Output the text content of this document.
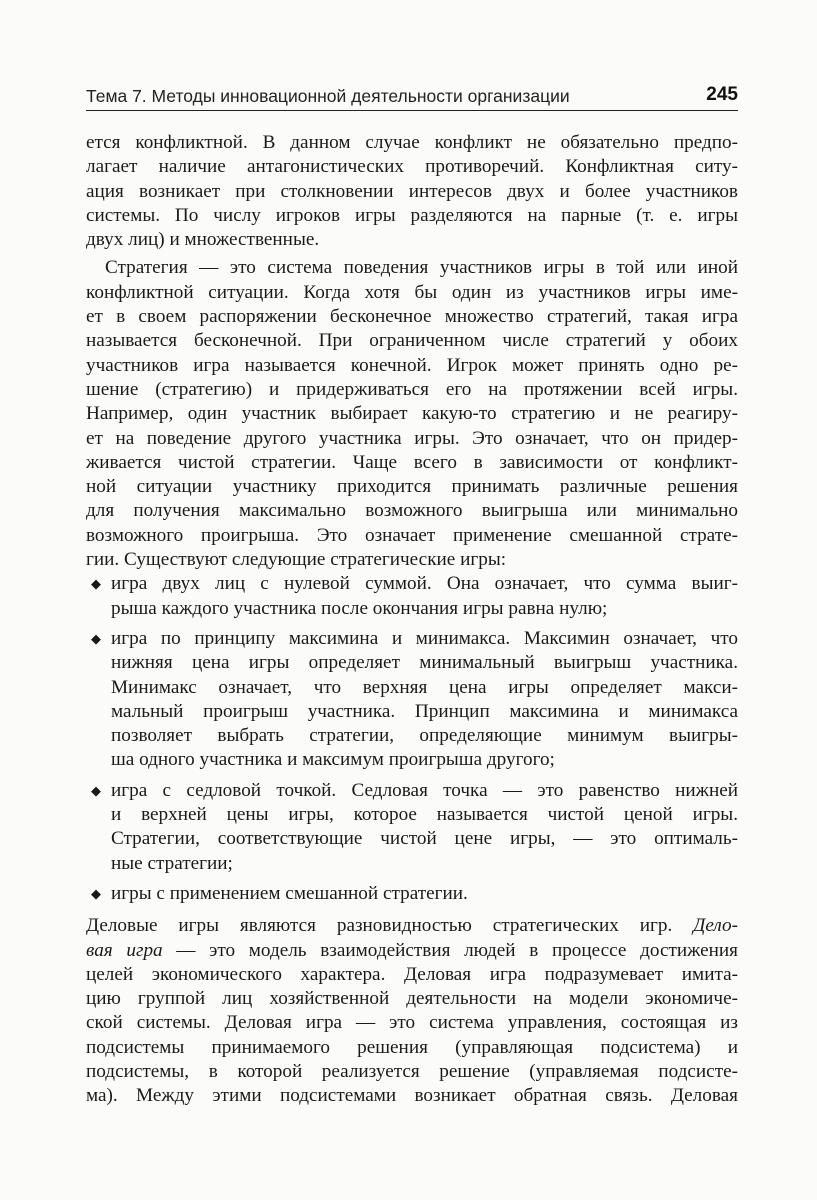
Тема 7. Методы инновационной деятельности организации	245
ется конфликтной. В данном случае конфликт не обязательно предпо-
лагает наличие антагонистических противоречий. Конфликтная ситу-
ация возникает при столкновении интересов двух и более участников
системы. По числу игроков игры разделяются на парные (т. е. игры
двух лиц) и множественные.
Стратегия — это система поведения участников игры в той или иной
конфликтной ситуации. Когда хотя бы один из участников игры име-
ет в своем распоряжении бесконечное множество стратегий, такая игра
называется бесконечной. При ограниченном числе стратегий у обоих
участников игра называется конечной. Игрок может принять одно ре-
шение (стратегию) и придерживаться его на протяжении всей игры.
Например, один участник выбирает какую-то стратегию и не реагиру-
ет на поведение другого участника игры. Это означает, что он придер-
живается чистой стратегии. Чаще всего в зависимости от конфликт-
ной ситуации участнику приходится принимать различные решения
для получения максимально возможного выигрыша или минимально
возможного проигрыша. Это означает применение смешанной страте-
гии. Существуют следующие стратегические игры:
◆ игра двух лиц с нулевой суммой. Она означает, что сумма выиг-
рыша каждого участника после окончания игры равна нулю;
◆ игра по принципу максимина и минимакса. Максимин означает, что
нижняя цена игры определяет минимальный выигрыш участника.
Минимакс означает, что верхняя цена игры определяет макси-
мальный проигрыш участника. Принцип максимина и минимакса
позволяет выбрать стратегии, определяющие минимум выигры-
ша одного участника и максимум проигрыша другого;
◆ игра с седловой точкой. Седловая точка — это равенство нижней
и верхней цены игры, которое называется чистой ценой игры.
Стратегии, соответствующие чистой цене игры, — это оптималь-
ные стратегии;
◆ игры с применением смешанной стратегии.
Деловые игры являются разновидностью стратегических игр. Дело-
вая игра — это модель взаимодействия людей в процессе достижения
целей экономического характера. Деловая игра подразумевает имита-
цию группой лиц хозяйственной деятельности на модели экономиче-
ской системы. Деловая игра — это система управления, состоящая из
подсистемы принимаемого решения (управляющая подсистема) и
подсистемы, в которой реализуется решение (управляемая подсисте-
ма). Между этими подсистемами возникает обратная связь. Деловая
